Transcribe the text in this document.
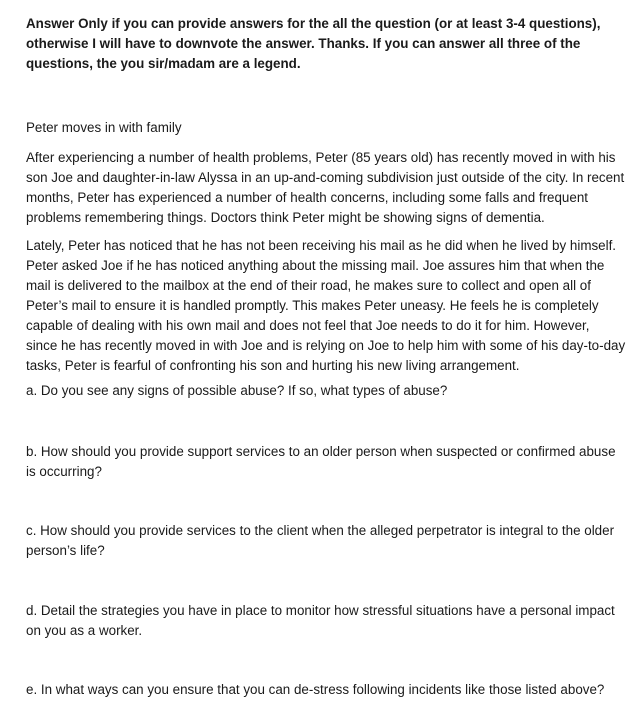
Answer Only if you can provide answers for the all the question (or at least 3-4 questions),

otherwise I will have to downvote the answer. Thanks. If you can answer all three of the

questions, the you sir/madam are a legend.

Peter moves in with family

After experiencing a number of health problems, Peter (85 years old) has recently moved in with his

son Joe and daughter-in-law Alyssa in an up-and-coming subdivision just outside of the city. In recent

months, Peter has experienced a number of health concerns, including some falls and frequent

problems remembering things. Doctors think Peter might be showing signs of dementia.

Lately, Peter has noticed that he has not been receiving his mail as he did when he lived by himself.

Peter asked Joe if he has noticed anything about the missing mail. Joe assures him that when the

mail is delivered to the mailbox at the end of their road, he makes sure to collect and open all of

Peter’s mail to ensure it is handled promptly. This makes Peter uneasy. He feels he is completely

capable of dealing with his own mail and does not feel that Joe needs to do it for him. However,

since he has recently moved in with Joe and is relying on Joe to help him with some of his day-to-day

tasks, Peter is fearful of confronting his son and hurting his new living arrangement.

a. Do you see any signs of possible abuse? If so, what types of abuse?

b. How should you provide support services to an older person when suspected or confirmed abuse

is occurring?

c. How should you provide services to the client when the alleged perpetrator is integral to the older

person’s life?

d. Detail the strategies you have in place to monitor how stressful situations have a personal impact

on you as a worker.

e. In what ways can you ensure that you can de-stress following incidents like those listed above?
